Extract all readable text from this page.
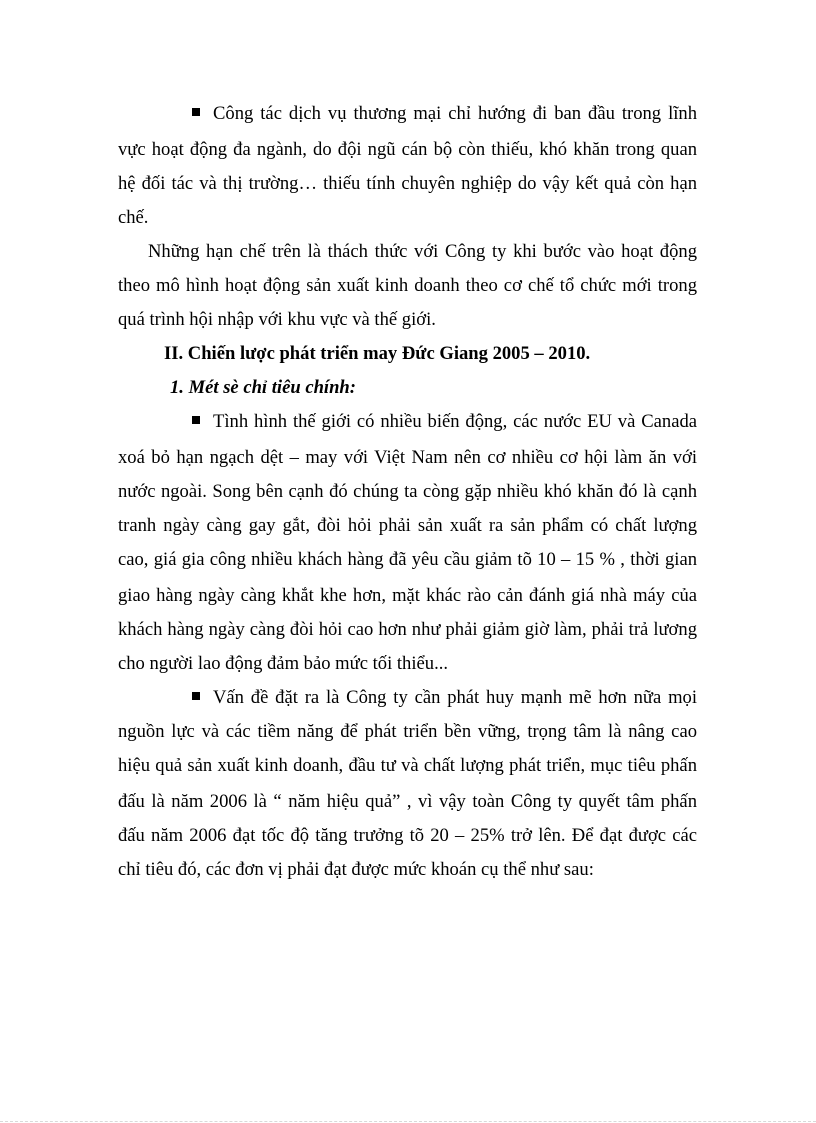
Công tác dịch vụ thương mại chỉ hướng đi ban đầu trong lĩnh
vực hoạt động đa ngành, do đội ngũ cán bộ còn thiếu, khó khăn trong quan
hệ đối tác và thị trường… thiếu tính chuyên nghiệp do vậy kết quả còn hạn
chế.
Những hạn chế trên là thách thức với Công ty khi bước vào hoạt động
theo mô hình hoạt động sản xuất kinh doanh theo cơ chế tổ chức mới trong
quá trình hội nhập với khu vực và thế giới.
II. Chiến lược phát triển may Đức Giang 2005 – 2010.
1. Mét sè chỉ tiêu chính:
Tình hình thế giới có nhiều biến động, các nước EU và Canada
xoá bỏ hạn ngạch dệt – may với Việt Nam nên cơ nhiều cơ hội làm ăn với
nước ngoài. Song bên cạnh đó chúng ta còng gặp nhiều khó khăn đó là cạnh
tranh ngày càng gay gắt, đòi hỏi phải sản xuất ra sản phẩm có chất lượng
cao, giá gia công nhiều khách hàng đã yêu cầu giảm tõ 10 – 15 % , thời gian
giao hàng ngày càng khắt khe hơn, mặt khác rào cản đánh giá nhà máy của
khách hàng ngày càng đòi hỏi cao hơn như phải giảm giờ làm, phải trả lương
cho người lao động đảm bảo mức tối thiểu...
Vấn đề đặt ra là Công ty cần phát huy mạnh mẽ hơn nữa mọi
nguồn lực và các tiềm năng để phát triển bền vững, trọng tâm là nâng cao
hiệu quả sản xuất kinh doanh, đầu tư và chất lượng phát triển, mục tiêu phấn
đấu là năm 2006 là “ năm hiệu quả” , vì vậy toàn Công ty quyết tâm phấn
đấu năm 2006 đạt tốc độ tăng trưởng tõ 20 – 25% trở lên. Để đạt được các
chỉ tiêu đó, các đơn vị phải đạt được mức khoán cụ thể như sau:
